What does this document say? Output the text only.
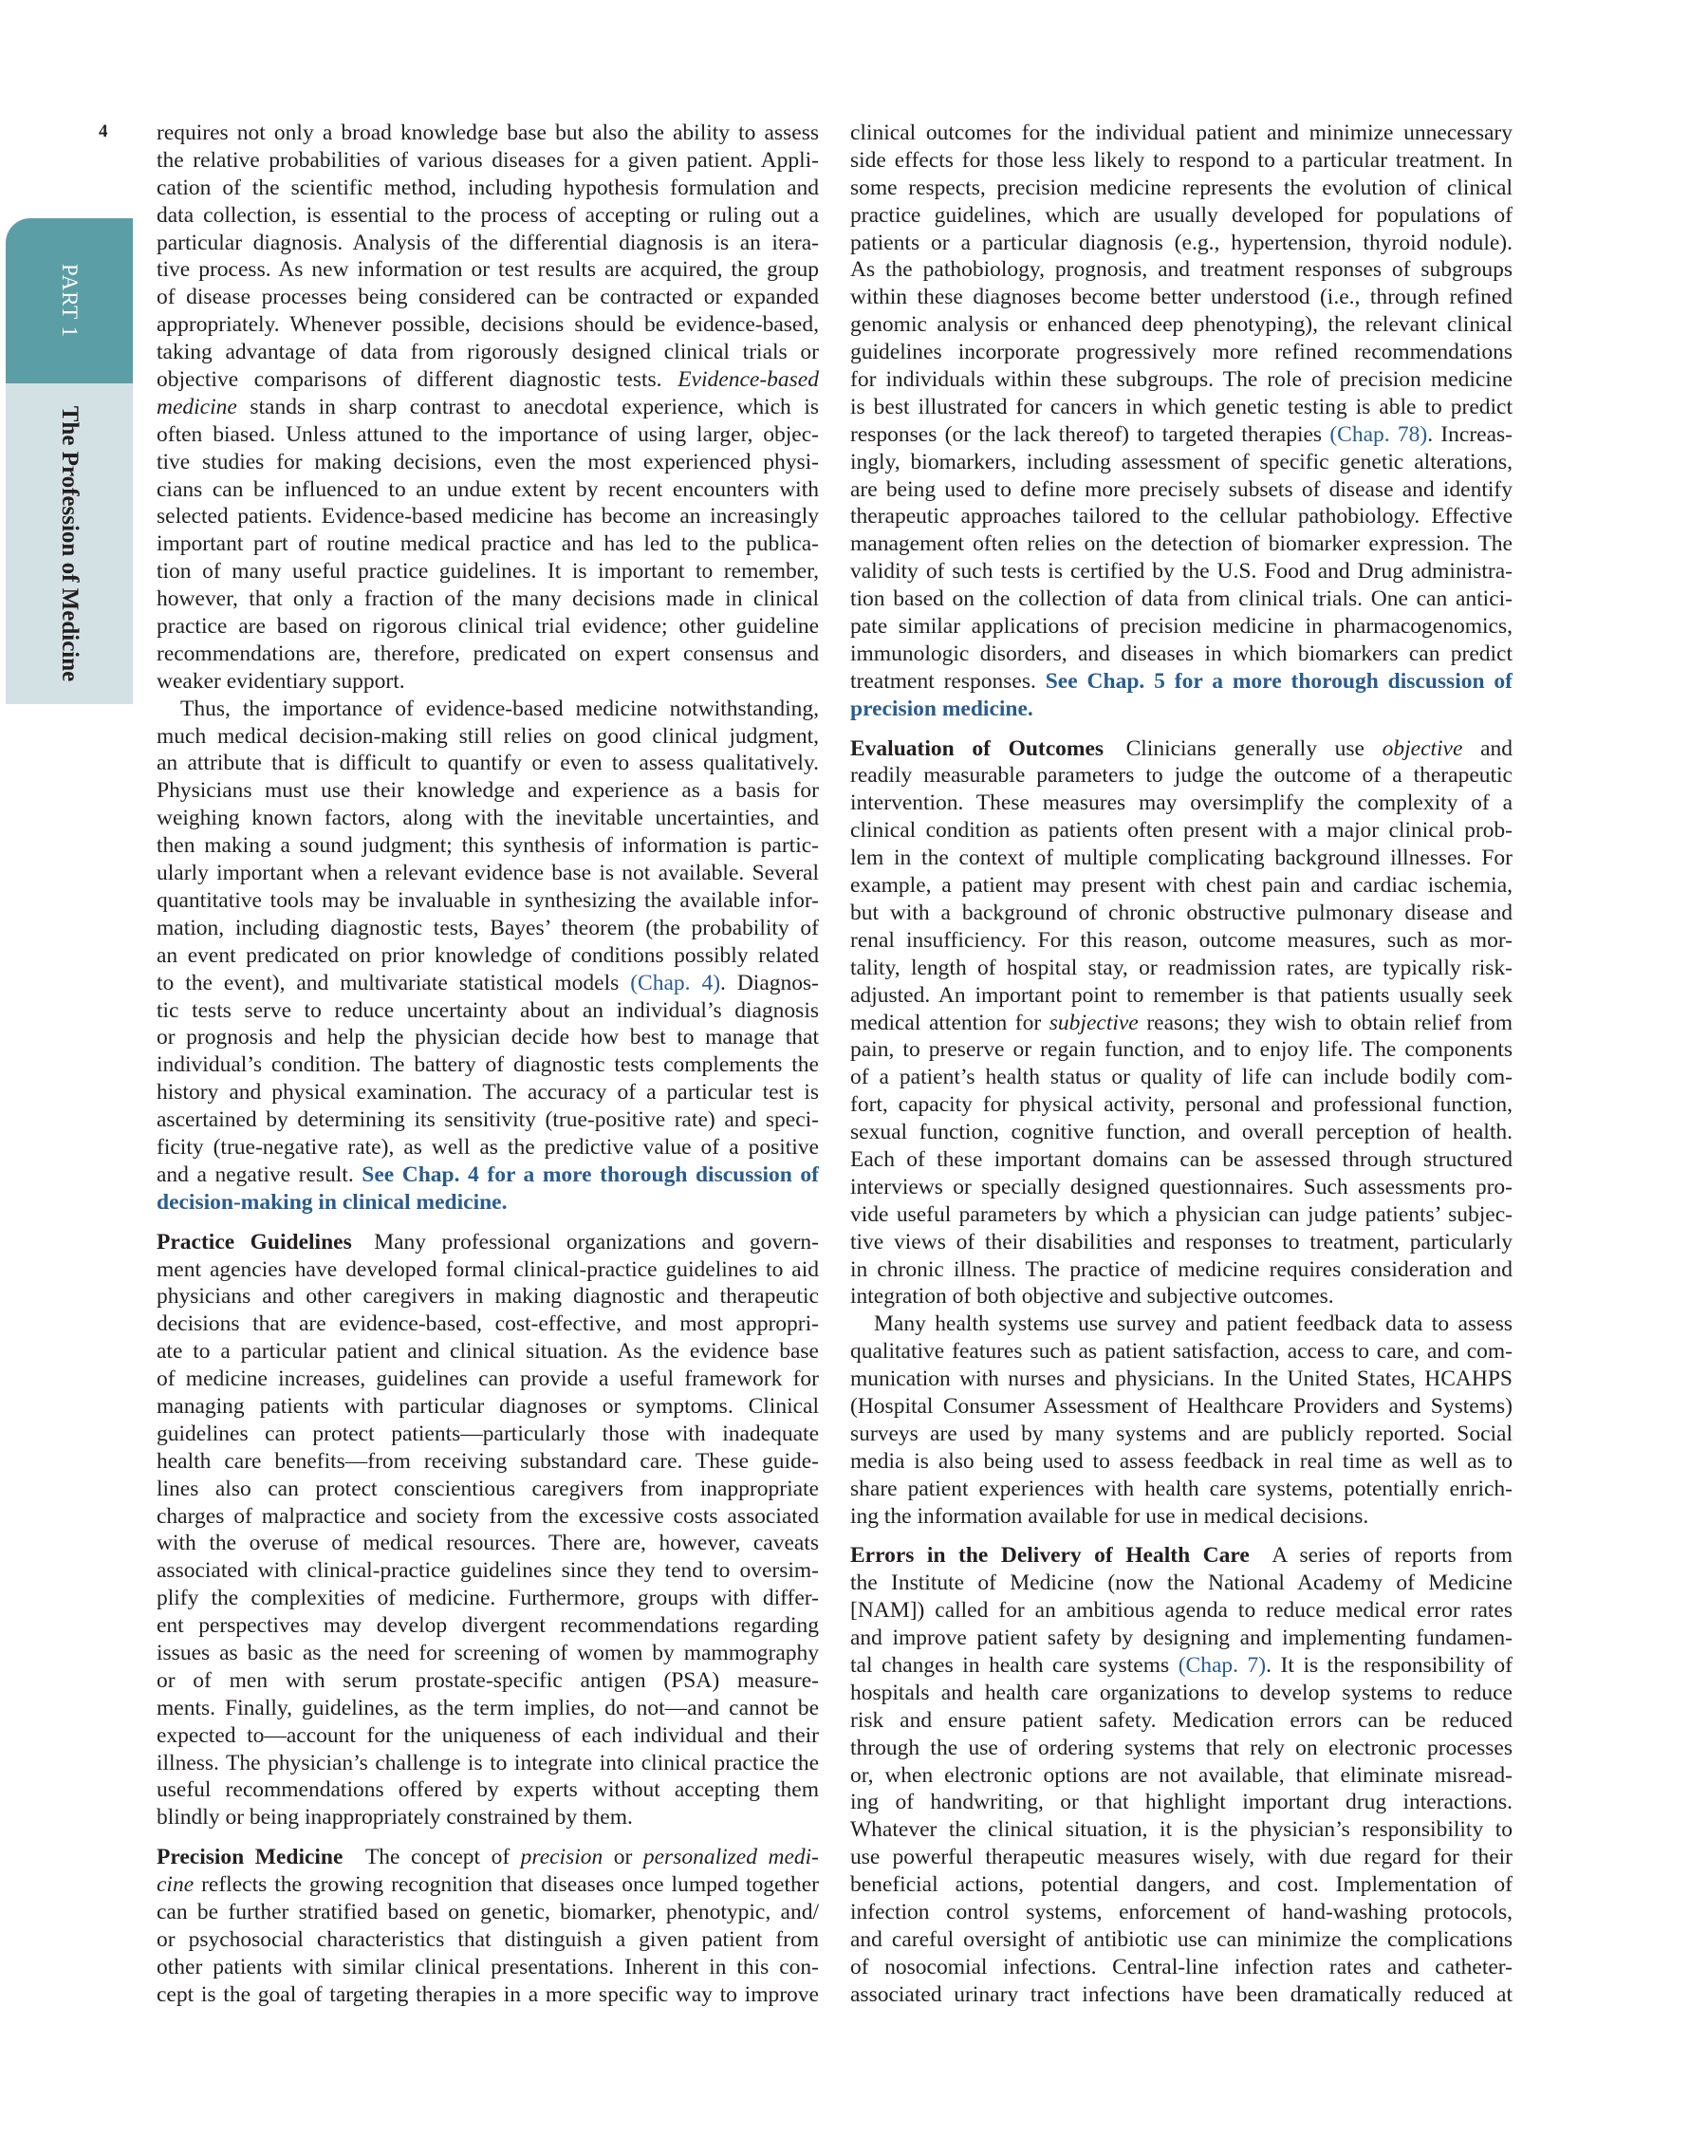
4
PART 1
The Profession of Medicine
requires not only a broad knowledge base but also the ability to assess
the relative probabilities of various diseases for a given patient. Appli-
cation of the scientific method, including hypothesis formulation and
data collection, is essential to the process of accepting or ruling out a
particular diagnosis. Analysis of the differential diagnosis is an itera-
tive process. As new information or test results are acquired, the group
of disease processes being considered can be contracted or expanded
appropriately. Whenever possible, decisions should be evidence-based,
taking advantage of data from rigorously designed clinical trials or
objective comparisons of different diagnostic tests. Evidence-based
medicine stands in sharp contrast to anecdotal experience, which is
often biased. Unless attuned to the importance of using larger, objec-
tive studies for making decisions, even the most experienced physi-
cians can be influenced to an undue extent by recent encounters with
selected patients. Evidence-based medicine has become an increasingly
important part of routine medical practice and has led to the publica-
tion of many useful practice guidelines. It is important to remember,
however, that only a fraction of the many decisions made in clinical
practice are based on rigorous clinical trial evidence; other guideline
recommendations are, therefore, predicated on expert consensus and
weaker evidentiary support.
Thus, the importance of evidence-based medicine notwithstanding,
much medical decision-making still relies on good clinical judgment,
an attribute that is difficult to quantify or even to assess qualitatively.
Physicians must use their knowledge and experience as a basis for
weighing known factors, along with the inevitable uncertainties, and
then making a sound judgment; this synthesis of information is partic-
ularly important when a relevant evidence base is not available. Several
quantitative tools may be invaluable in synthesizing the available infor-
mation, including diagnostic tests, Bayes’ theorem (the probability of
an event predicated on prior knowledge of conditions possibly related
to the event), and multivariate statistical models (Chap. 4). Diagnos-
tic tests serve to reduce uncertainty about an individual’s diagnosis
or prognosis and help the physician decide how best to manage that
individual’s condition. The battery of diagnostic tests complements the
history and physical examination. The accuracy of a particular test is
ascertained by determining its sensitivity (true-positive rate) and speci-
ficity (true-negative rate), as well as the predictive value of a positive
and a negative result. See Chap. 4 for a more thorough discussion of
decision-making in clinical medicine.
Practice Guidelines Many professional organizations and govern-
ment agencies have developed formal clinical-practice guidelines to aid
physicians and other caregivers in making diagnostic and therapeutic
decisions that are evidence-based, cost-effective, and most appropri-
ate to a particular patient and clinical situation. As the evidence base
of medicine increases, guidelines can provide a useful framework for
managing patients with particular diagnoses or symptoms. Clinical
guidelines can protect patients—particularly those with inadequate
health care benefits—from receiving substandard care. These guide-
lines also can protect conscientious caregivers from inappropriate
charges of malpractice and society from the excessive costs associated
with the overuse of medical resources. There are, however, caveats
associated with clinical-practice guidelines since they tend to oversim-
plify the complexities of medicine. Furthermore, groups with differ-
ent perspectives may develop divergent recommendations regarding
issues as basic as the need for screening of women by mammography
or of men with serum prostate-specific antigen (PSA) measure-
ments. Finally, guidelines, as the term implies, do not—and cannot be
expected to—account for the uniqueness of each individual and their
illness. The physician’s challenge is to integrate into clinical practice the
useful recommendations offered by experts without accepting them
blindly or being inappropriately constrained by them.
Precision Medicine The concept of precision or personalized medi-
cine reflects the growing recognition that diseases once lumped together
can be further stratified based on genetic, biomarker, phenotypic, and/
or psychosocial characteristics that distinguish a given patient from
other patients with similar clinical presentations. Inherent in this con-
cept is the goal of targeting therapies in a more specific way to improve
clinical outcomes for the individual patient and minimize unnecessary
side effects for those less likely to respond to a particular treatment. In
some respects, precision medicine represents the evolution of clinical
practice guidelines, which are usually developed for populations of
patients or a particular diagnosis (e.g., hypertension, thyroid nodule).
As the pathobiology, prognosis, and treatment responses of subgroups
within these diagnoses become better understood (i.e., through refined
genomic analysis or enhanced deep phenotyping), the relevant clinical
guidelines incorporate progressively more refined recommendations
for individuals within these subgroups. The role of precision medicine
is best illustrated for cancers in which genetic testing is able to predict
responses (or the lack thereof) to targeted therapies (Chap. 78). Increas-
ingly, biomarkers, including assessment of specific genetic alterations,
are being used to define more precisely subsets of disease and identify
therapeutic approaches tailored to the cellular pathobiology. Effective
management often relies on the detection of biomarker expression. The
validity of such tests is certified by the U.S. Food and Drug administra-
tion based on the collection of data from clinical trials. One can antici-
pate similar applications of precision medicine in pharmacogenomics,
immunologic disorders, and diseases in which biomarkers can predict
treatment responses. See Chap. 5 for a more thorough discussion of
precision medicine.
Evaluation of Outcomes Clinicians generally use objective and
readily measurable parameters to judge the outcome of a therapeutic
intervention. These measures may oversimplify the complexity of a
clinical condition as patients often present with a major clinical prob-
lem in the context of multiple complicating background illnesses. For
example, a patient may present with chest pain and cardiac ischemia,
but with a background of chronic obstructive pulmonary disease and
renal insufficiency. For this reason, outcome measures, such as mor-
tality, length of hospital stay, or readmission rates, are typically risk-
adjusted. An important point to remember is that patients usually seek
medical attention for subjective reasons; they wish to obtain relief from
pain, to preserve or regain function, and to enjoy life. The components
of a patient’s health status or quality of life can include bodily com-
fort, capacity for physical activity, personal and professional function,
sexual function, cognitive function, and overall perception of health.
Each of these important domains can be assessed through structured
interviews or specially designed questionnaires. Such assessments pro-
vide useful parameters by which a physician can judge patients’ subjec-
tive views of their disabilities and responses to treatment, particularly
in chronic illness. The practice of medicine requires consideration and
integration of both objective and subjective outcomes.
Many health systems use survey and patient feedback data to assess
qualitative features such as patient satisfaction, access to care, and com-
munication with nurses and physicians. In the United States, HCAHPS
(Hospital Consumer Assessment of Healthcare Providers and Systems)
surveys are used by many systems and are publicly reported. Social
media is also being used to assess feedback in real time as well as to
share patient experiences with health care systems, potentially enrich-
ing the information available for use in medical decisions.
Errors in the Delivery of Health Care A series of reports from
the Institute of Medicine (now the National Academy of Medicine
[NAM]) called for an ambitious agenda to reduce medical error rates
and improve patient safety by designing and implementing fundamen-
tal changes in health care systems (Chap. 7). It is the responsibility of
hospitals and health care organizations to develop systems to reduce
risk and ensure patient safety. Medication errors can be reduced
through the use of ordering systems that rely on electronic processes
or, when electronic options are not available, that eliminate misread-
ing of handwriting, or that highlight important drug interactions.
Whatever the clinical situation, it is the physician’s responsibility to
use powerful therapeutic measures wisely, with due regard for their
beneficial actions, potential dangers, and cost. Implementation of
infection control systems, enforcement of hand-washing protocols,
and careful oversight of antibiotic use can minimize the complications
of nosocomial infections. Central-line infection rates and catheter-
associated urinary tract infections have been dramatically reduced at
